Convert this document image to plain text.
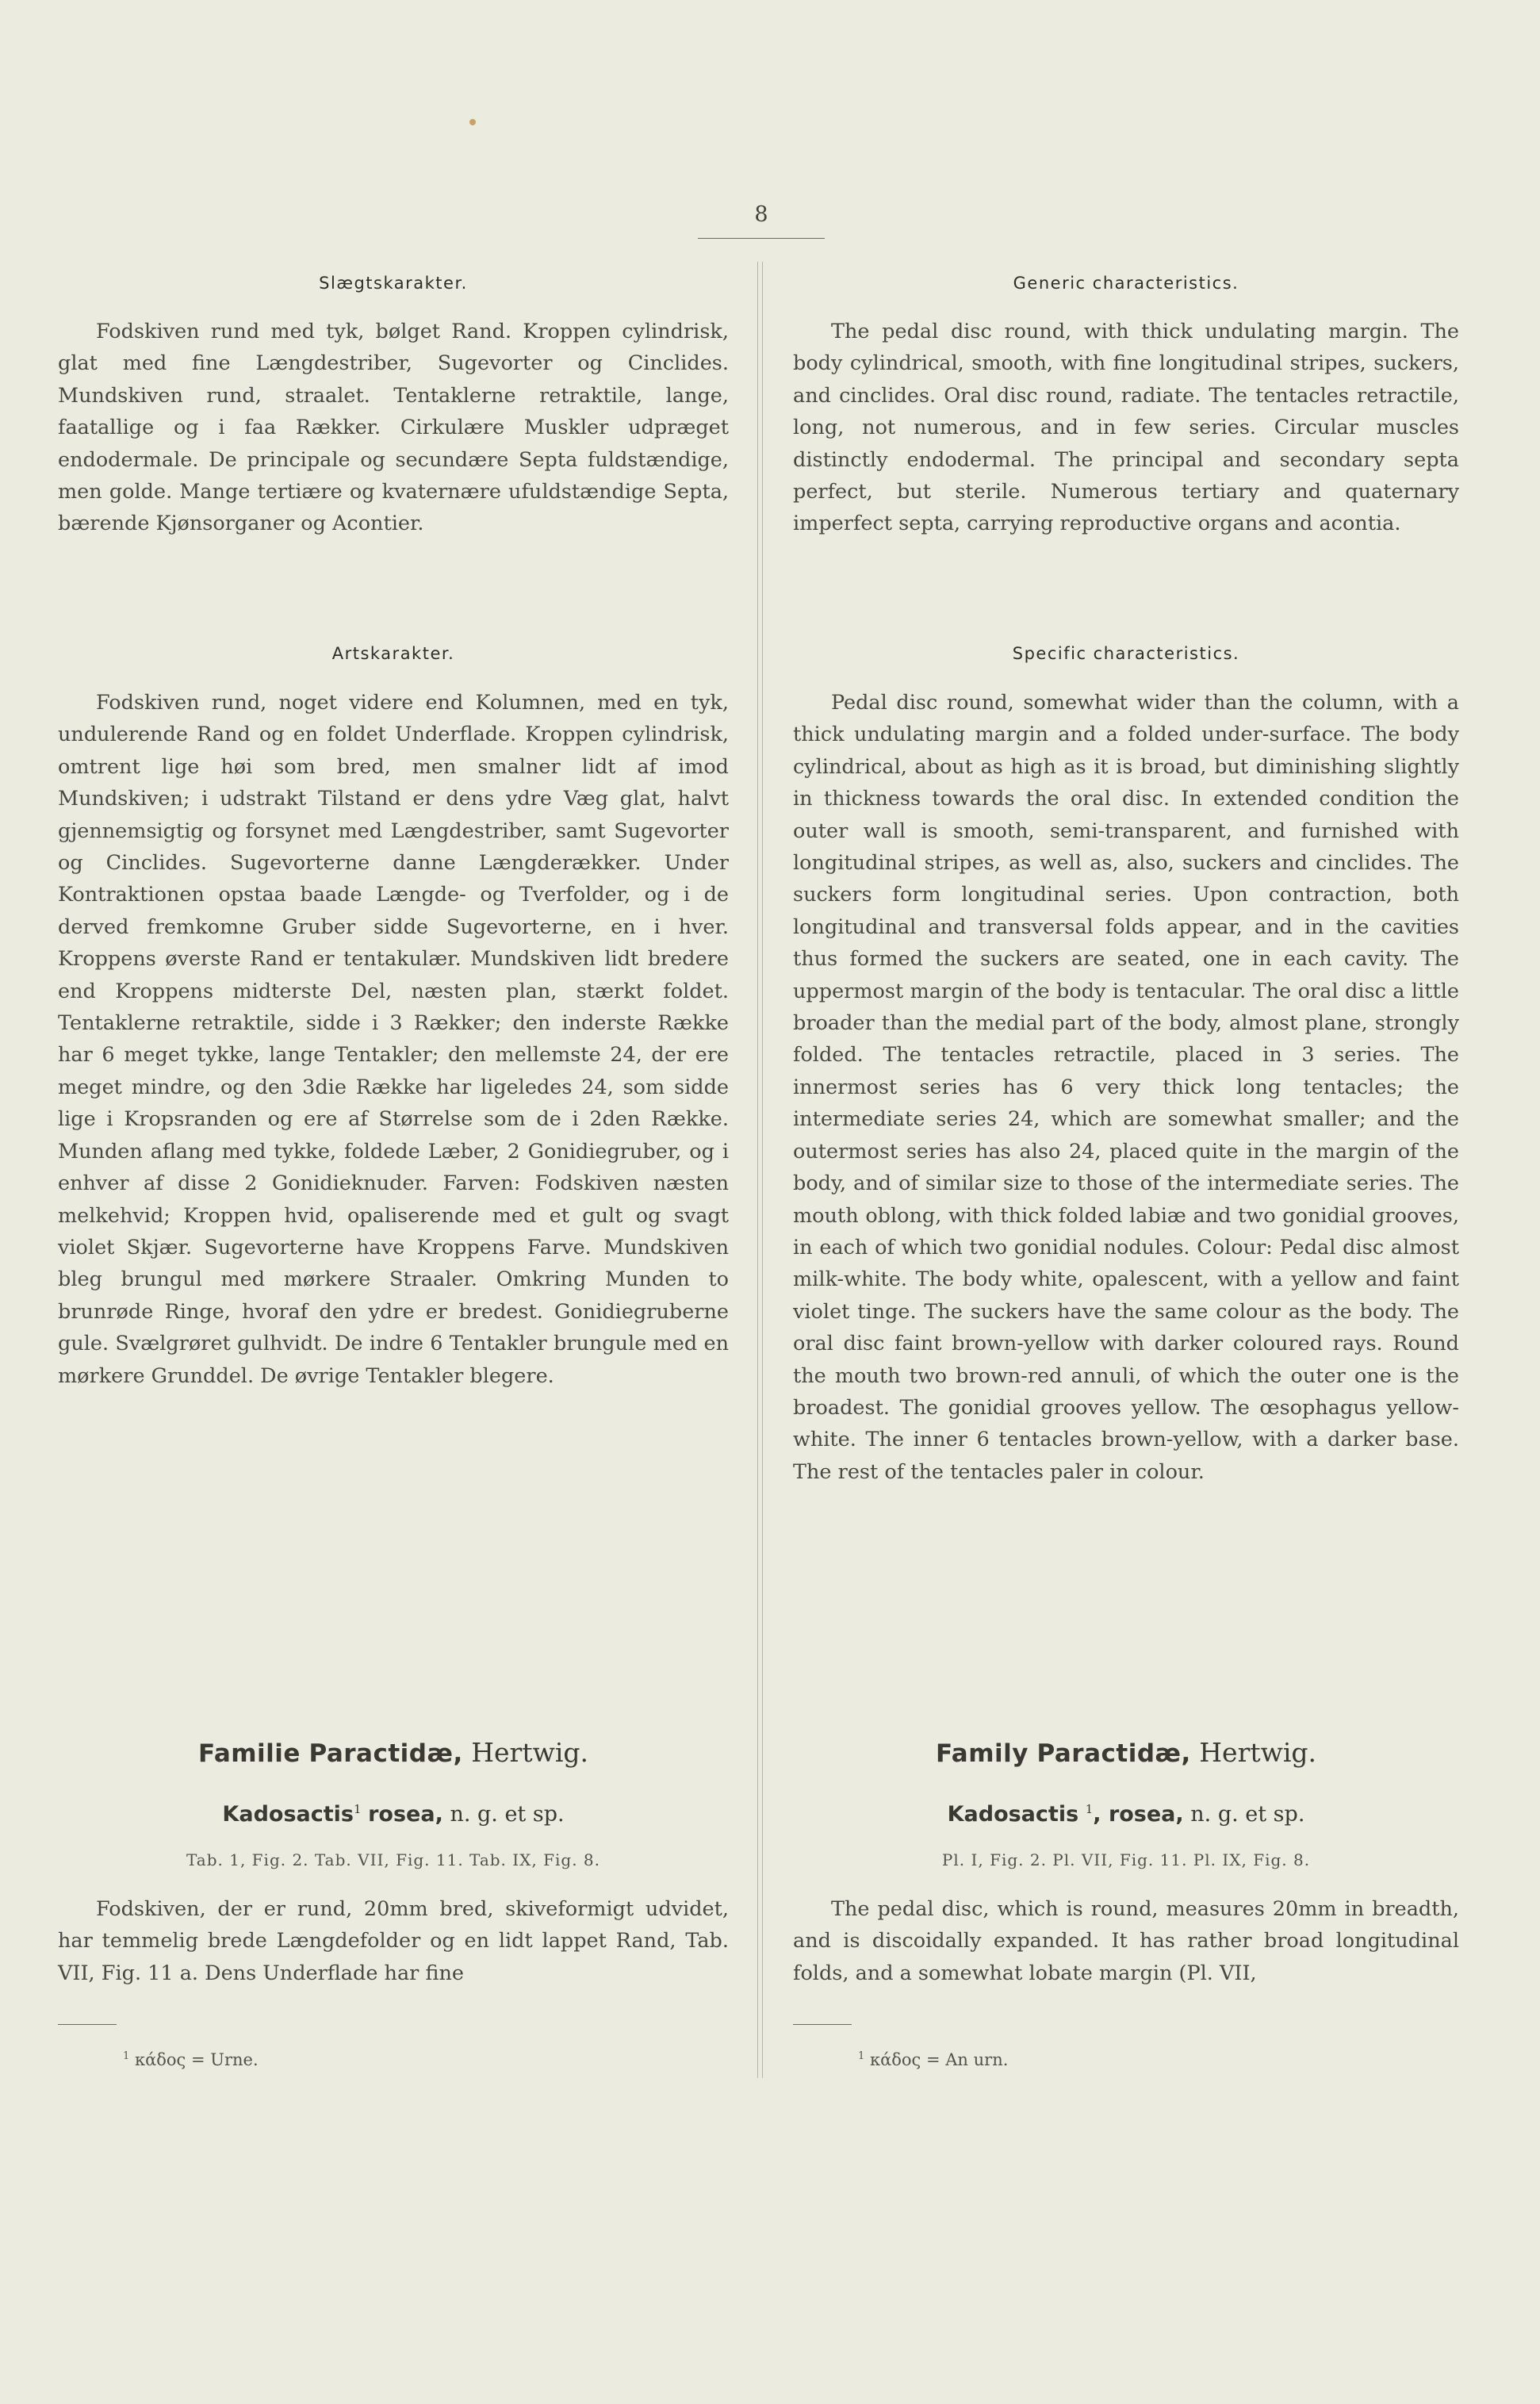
8
Slægtskarakter.

Fodskiven rund med tyk, bølget Rand. Kroppen cylindrisk, glat med fine Længdestriber, Sugevorter og Cinclides. Mundskiven rund, straalet. Tentaklerne retraktile, lange, faatallige og i faa Rækker. Cirkulære Muskler udpræget endodermale. De principale og secundære Septa fuldstændige, men golde. Mange tertiære og kvaternære ufuldstændige Septa, bærende Kjønsorganer og Acontier.

Artskarakter.

Fodskiven rund, noget videre end Kolumnen, med en tyk, undulerende Rand og en foldet Underflade. Kroppen cylindrisk, omtrent lige høi som bred, men smalner lidt af imod Mundskiven; i udstrakt Tilstand er dens ydre Væg glat, halvt gjennemsigtig og forsynet med Længdestriber, samt Sugevorter og Cinclides. Sugevorterne danne Længderækker. Under Kontraktionen opstaa baade Længde- og Tverfolder, og i de derved fremkomne Gruber sidde Sugevorterne, en i hver. Kroppens øverste Rand er tentakulær. Mundskiven lidt bredere end Kroppens midterste Del, næsten plan, stærkt foldet. Tentaklerne retraktile, sidde i 3 Rækker; den inderste Række har 6 meget tykke, lange Tentakler; den mellemste 24, der ere meget mindre, og den 3die Række har ligeledes 24, som sidde lige i Kropsranden og ere af Størrelse som de i 2den Række. Munden aflang med tykke, foldede Læber, 2 Gonidiegruber, og i enhver af disse 2 Gonidieknuder. Farven: Fodskiven næsten melkehvid; Kroppen hvid, opaliserende med et gult og svagt violet Skjær. Sugevorterne have Kroppens Farve. Mundskiven bleg brungul med mørkere Straaler. Omkring Munden to brunrøde Ringe, hvoraf den ydre er bredest. Gonidiegruberne gule. Svælgrøret gulhvidt. De indre 6 Tentakler brungule med en mørkere Grunddel. De øvrige Tentakler blegere.

Familie Paractidæ, Hertwig.
Kadosactis$^1$ rosea, n. g. et sp.
Tab. 1, Fig. 2. Tab. VII, Fig. 11. Tab. IX, Fig. 8.

Fodskiven, der er rund, 20mm bred, skiveformigt udvidet, har temmelig brede Længdefolder og en lidt lappet Rand, Tab. VII, Fig. 11 a. Dens Underflade har fine

$^1$ κάδος = Urne.
Generic characteristics.

The pedal disc round, with thick undulating margin. The body cylindrical, smooth, with fine longitudinal stripes, suckers, and cinclides. Oral disc round, radiate. The tentacles retractile, long, not numerous, and in few series. Circular muscles distinctly endodermal. The principal and secondary septa perfect, but sterile. Numerous tertiary and quaternary imperfect septa, carrying reproductive organs and acontia.

Specific characteristics.

Pedal disc round, somewhat wider than the column, with a thick undulating margin and a folded under-surface. The body cylindrical, about as high as it is broad, but diminishing slightly in thickness towards the oral disc. In extended condition the outer wall is smooth, semi-transparent, and furnished with longitudinal stripes, as well as, also, suckers and cinclides. The suckers form longitudinal series. Upon contraction, both longitudinal and transversal folds appear, and in the cavities thus formed the suckers are seated, one in each cavity. The uppermost margin of the body is tentacular. The oral disc a little broader than the medial part of the body, almost plane, strongly folded. The tentacles retractile, placed in 3 series. The innermost series has 6 very thick long tentacles; the intermediate series 24, which are somewhat smaller; and the outermost series has also 24, placed quite in the margin of the body, and of similar size to those of the intermediate series. The mouth oblong, with thick folded labiæ and two gonidial grooves, in each of which two gonidial nodules. Colour: Pedal disc almost milk-white. The body white, opalescent, with a yellow and faint violet tinge. The suckers have the same colour as the body. The oral disc faint brown-yellow with darker coloured rays. Round the mouth two brown-red annuli, of which the outer one is the broadest. The gonidial grooves yellow. The œsophagus yellow-white. The inner 6 tentacles brown-yellow, with a darker base. The rest of the tentacles paler in colour.

Family Paractidæ, Hertwig.
Kadosactis $^1$, rosea, n. g. et sp.
Pl. I, Fig. 2. Pl. VII, Fig. 11. Pl. IX, Fig. 8.

The pedal disc, which is round, measures 20mm in breadth, and is discoidally expanded. It has rather broad longitudinal folds, and a somewhat lobate margin (Pl. VII,

$^1$ κάδος = An urn.
